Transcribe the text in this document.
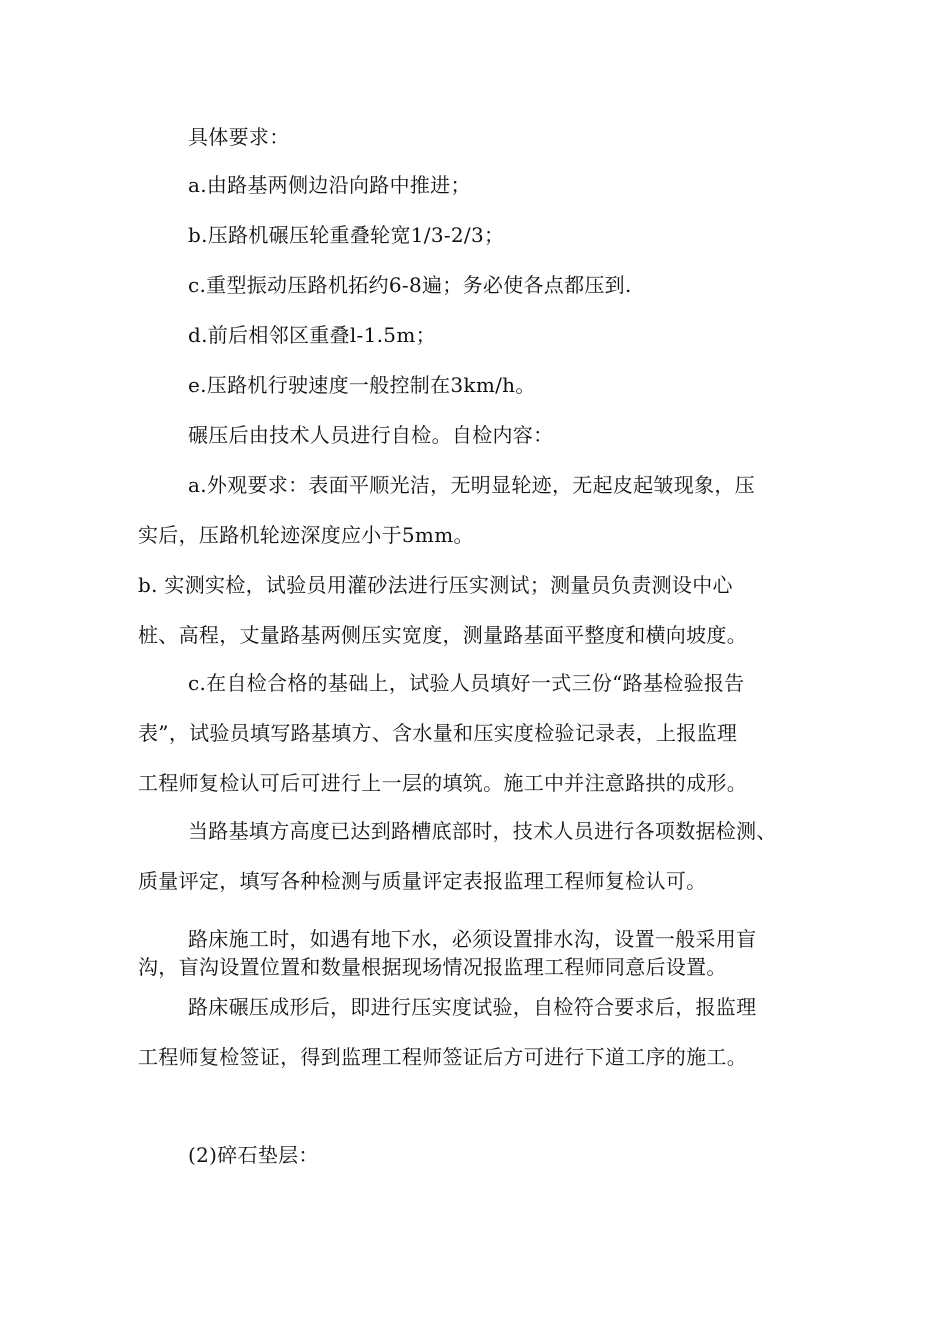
具体要求：
a.由路基两侧边沿向路中推进；
b.压路机碾压轮重叠轮宽1/3-2/3；
c.重型振动压路机拓约6-8遍；务必使各点都压到.
d.前后相邻区重叠l-1.5m；
e.压路机行驶速度一般控制在3km/h。
碾压后由技术人员进行自检。自检内容：
a.外观要求：表面平顺光洁，无明显轮迹，无起皮起皱现象，压
实后，压路机轮迹深度应小于5mm。
b. 实测实检，试验员用灌砂法进行压实测试；测量员负责测设中心
桩、高程，丈量路基两侧压实宽度，测量路基面平整度和横向坡度。
c.在自检合格的基础上，试验人员填好一式三份“路基检验报告
表”，试验员填写路基填方、含水量和压实度检验记录表，上报监理
工程师复检认可后可进行上一层的填筑。施工中并注意路拱的成形。
当路基填方高度已达到路槽底部时，技术人员进行各项数据检测、
质量评定，填写各种检测与质量评定表报监理工程师复检认可。
路床施工时，如遇有地下水，必须设置排水沟，设置一般采用盲
沟，盲沟设置位置和数量根据现场情况报监理工程师同意后设置。
路床碾压成形后，即进行压实度试验，自检符合要求后，报监理
工程师复检签证，得到监理工程师签证后方可进行下道工序的施工。
(2)碎石垫层：
